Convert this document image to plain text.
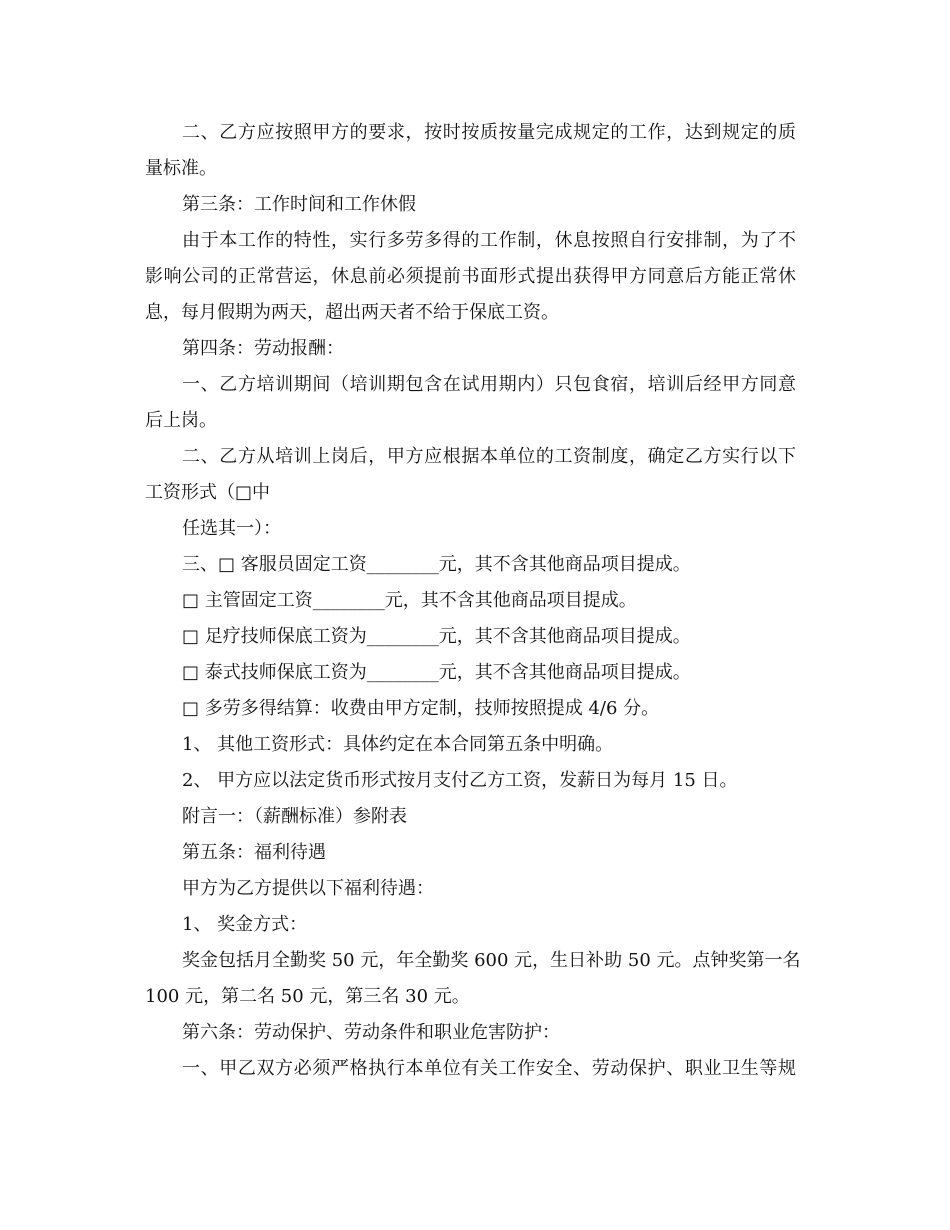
二、乙方应按照甲方的要求，按时按质按量完成规定的工作，达到规定的质

量标准。

第三条：工作时间和工作休假

由于本工作的特性，实行多劳多得的工作制，休息按照自行安排制，为了不

影响公司的正常营运，休息前必须提前书面形式提出获得甲方同意后方能正常休

息，每月假期为两天，超出两天者不给于保底工资。

第四条：劳动报酬：

一、乙方培训期间（培训期包含在试用期内）只包食宿，培训后经甲方同意

后上岗。

二、乙方从培训上岗后，甲方应根据本单位的工资制度，确定乙方实行以下

工资形式（□中

任选其一）：

三、□ 客服员固定工资________元，其不含其他商品项目提成。

□ 主管固定工资________元，其不含其他商品项目提成。

□ 足疗技师保底工资为________元，其不含其他商品项目提成。

□ 泰式技师保底工资为________元，其不含其他商品项目提成。

□ 多劳多得结算：收费由甲方定制，技师按照提成 4/6 分。

1、 其他工资形式：具体约定在本合同第五条中明确。

2、 甲方应以法定货币形式按月支付乙方工资，发薪日为每月 15 日。

附言一：（薪酬标准）参附表

第五条：福利待遇

甲方为乙方提供以下福利待遇：

1、 奖金方式：

奖金包括月全勤奖 50 元，年全勤奖 600 元，生日补助 50 元。点钟奖第一名

100 元，第二名 50 元，第三名 30 元。

第六条：劳动保护、劳动条件和职业危害防护：

一、甲乙双方必须严格执行本单位有关工作安全、劳动保护、职业卫生等规
